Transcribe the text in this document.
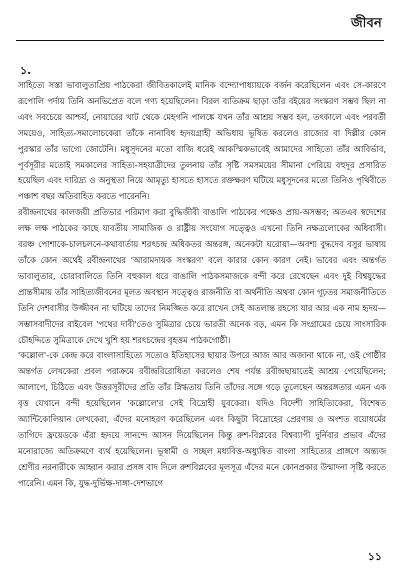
জীবন
১.

সাহিত্যে সস্তা ভাবালুতাপ্রিয় পাঠকেরা জীবিতকালেই মানিক বন্দ্যোপাধ্যায়কে বর্জন করেছিলেন এবং সে-কারণে রূপোলি পর্দায় তিনি অনভিপ্রেত বলে গণ্য হয়েছিলেন। বিরল ব্যতিক্রম ছাড়া তাঁর বইয়ের সংস্করণ সম্ভব ছিল না এবং সবচেয়ে আশ্চর্য, নোয়ারের খাট থেকে মেহগনি পালঙ্কে যখন তাঁর আশ্রয় সম্ভব হল, তৎকালে এবং পরবর্তী সময়েও, সাহিত্য-সমালোচকেরা তাঁকে নানাবিধ হৃদয়গ্রাহী অভিধায় ভূষিত করলেও রাজ্যের বা দিল্লীর কোন পুরস্কার তাঁর ভাগ্যে জোটেনি। মধুসূদনের মতো বাজি ধরেই আকস্মিকভাবেই আমাদের সাহিত্যে তাঁর আবির্ভাব, পূর্বসূরীর মতোই সমকালের সাহিত্য-সহযাত্রীদের তুলনায় তাঁর সৃষ্টি সমসময়ের সীমানা পেরিয়ে বহুদূর প্রসারিত হয়েছিল এবং দারিদ্র্য ও অনুস্থতা নিয়ে আমৃত্যু হাসতে হাসতে রক্তক্ষরণ ঘটিয়ে মধুসূদনের মতো তিনিও পৃথিবীতে পঞ্চাশ বছর অতিবাহিত করতে পারেননি।

রবীন্দ্রনাথের কালজয়ী প্রতিভার পরিমাণ করা বুদ্ধিজীবী বাঙালি পাঠকের পক্ষেও প্রায়-অসম্ভব; অতএব স্বদেশের লক্ষ লক্ষ পাঠকের কাছে যাবতীয় সামাজিক ও রাষ্ট্রীয় সংযোগ সত্ত্বেও এখনো তিনি নক্ষত্রলোকের অধিবাসী। বরঞ্চ পোশাকে-চালচলনে-কথাবার্তায় শরৎচন্দ্র অধিকতর অন্তরঙ্গ, অনেকটা ঘরোয়া—অবশ্য বুদ্ধদেব বসুর ভাষায় তাঁকে কোন অর্থেই রবীন্দ্রনাথের 'আরামদায়ক সংস্করণ' বলে কারার কোন কারণ নেই। ভাবের এবং অন্তর্গত ভাবালুতার, চোরাবালিতে তিনি বহুকাল ধরে বাঙালি পাঠকসমাজকে বন্দী করে রেখেছেন এবং দুই বিশ্বযুদ্ধের প্রান্তসীমায় তাঁর সাহিত্যজীবনের মূলত অবস্থান সত্ত্বেও রাজনীতি বা অর্থনীতি অথবা কোন গূঢ়তর সমাজনীতিতে তিনি দেশবাসীর উজ্জীবন না ঘটিয়ে তাদের নিমজ্জিত করে রাখেন সেই অতলান্ত রহস্যে যার আর এক নাম হৃদয়—সম্ভাসবাদীদের বাইবেল 'পথের দাবী'তেও সুমিত্রার চেয়ে ভারতী অনেক বড়, এমন কি সংগ্রামের চেয়ে সাংসারিক চৌহদ্দিতে সুমিত্রাকে দেখে খুশি হয় শরৎচন্দ্রের বৃহত্তম পাঠকগোষ্ঠী।

'কল্লোল'-কে কেন্দ্র করে বাংলাসাহিত্যে সত্যেও ইতিহাসের ছায়ার উপরে আজ আর অজানা থাকে না, ওই গোষ্ঠীর অন্তর্গত লেখকেরা প্রবল পরাক্রমে রবীন্দ্রবিরোধিতা করলেও শেষ পর্যন্ত রবীন্দ্রছায়াতেই আশ্রয় পেয়েছিলেন; আলাপে, চিঠিতে এবং উত্তরসূরীদের প্রতি তাঁর স্নিগ্ধতায় তিনি তাঁদের সঙ্গে গড়ে তুলেছেন অন্তরঙ্গতার এমন এক বৃত্ত যেখানে বন্দী হয়েছিলেন 'কল্লোলে'র সেই বিদ্রোহী যুবকেরা। যদিও বিদেশী সাহিত্যিকেরা, বিশেষত অ্যান্টিকোলিয়ান লেখকেরা, এঁদের মনোহরণ করেছিলেন এবং কিছুটা বিদ্রোহের প্রেরণায় ও অংশত বয়োধর্মের তাগিদে ফ্রয়েডকে এঁরা হৃদয়ে সানন্দে আসন দিয়েছিলেন কিন্তু রুশ-বিপ্লবের বিশ্বব্যাপী দুর্নিবার প্রভাব এঁদের মনোরাজ্যে অতিক্রমণে ব্যর্থ হয়েছিলেন। ভূস্বামী ও সচ্ছল মধ্যবিত্ত-অধ্যুষিত বাংলা সাহিত্যের প্রাঙ্গণে অন্ত্যজ শ্রেণীর নরনারীকে আহ্বান করার প্রসঙ্গ বাদ দিলে রুশবিপ্লবের মূলসূত্র এঁদের মনে কোনপ্রকার উন্মাদনা সৃষ্টি করতে পারেনি। এমন কি, যুদ্ধ-দুর্ভিক্ষ-দাঙ্গা-দেশভাগে

১১
